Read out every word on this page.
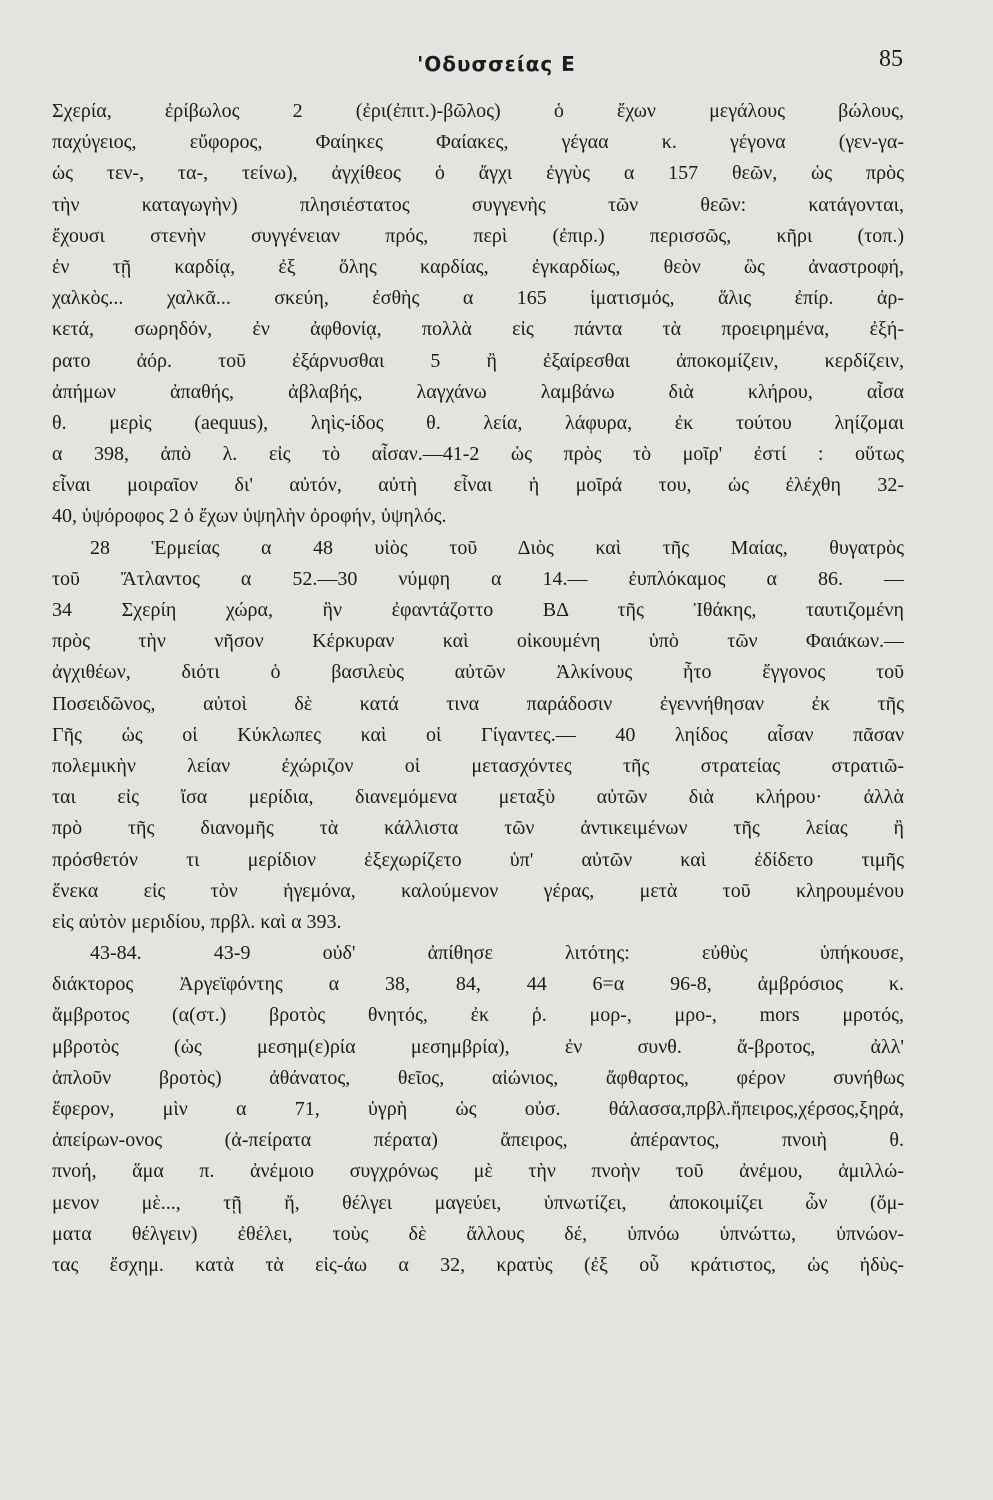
'Οδυσσείας Ε	85
Σχερία, ἐρίβωλος 2 (ἐρι(ἐπιτ.)-βῶλος) ὁ ἔχων μεγάλους βώλους,
παχύγειος, εὔφορος, Φαίηκες Φαίακες, γέγαα κ. γέγονα (γεν-γα-
ὡς τεν-, τα-, τείνω), ἀγχίθεος ὁ ἄγχι ἐγγὺς α 157 θεῶν, ὡς πρὸς
τὴν καταγωγὴν) πλησιέστατος συγγενὴς τῶν θεῶν: κατάγονται,
ἔχουσι στενὴν συγγένειαν πρός, περὶ (ἐπιρ.) περισσῶς, κῆρι (τοπ.)
ἐν τῇ καρδίᾳ, ἐξ ὅλης καρδίας, ἐγκαρδίως, θεὸν ὣς ἀναστροφή,
χαλκὸς... χαλκᾶ... σκεύη, ἐσθὴς α 165 ἱματισμός, ἅλις ἐπίρ. ἀρ-
κετά, σωρηδόν, ἐν ἀφθονίᾳ, πολλὰ εἰς πάντα τὰ προειρημένα, ἐξή-
ρατο ἀόρ. τοῦ ἐξάρνυσθαι 5 ἢ ἐξαίρεσθαι ἀποκομίζειν, κερδίζειν,
ἀπήμων ἀπαθής, ἀβλαβής, λαγχάνω λαμβάνω διὰ κλήρου, αἶσα
θ. μερὶς (aequus), ληὶς-ίδος θ. λεία, λάφυρα, ἐκ τούτου ληίζομαι
α 398, ἀπὸ λ. εἰς τὸ αἶσαν.—41-2 ὡς πρὸς τὸ μοῖρ' ἐστί : οὕτως
εἶναι μοιραῖον δι' αὐτόν, αὐτὴ εἶναι ἡ μοῖρά του, ὡς ἐλέχθη 32-
40, ὑψόροφος 2 ὁ ἔχων ὑψηλὴν ὀροφήν, ὑψηλός.
28 Ἑρμείας α 48 υἱὸς τοῦ Διὸς καὶ τῆς Μαίας, θυγατρὸς
τοῦ Ἄτλαντος α 52.—30 νύμφη α 14.— ἐυπλόκαμος α 86. —
34 Σχερίη χώρα, ἣν ἐφαντάζοττο ΒΔ τῆς Ἰθάκης, ταυτιζομένη
πρὸς τὴν νῆσον Κέρκυραν καὶ οἰκουμένη ὑπὸ τῶν Φαιάκων.—
ἀγχιθέων, διότι ὁ βασιλεὺς αὐτῶν Ἀλκίνους ἦτο ἔγγονος τοῦ
Ποσειδῶνος, αὐτοὶ δὲ κατά τινα παράδοσιν ἐγεννήθησαν ἐκ τῆς
Γῆς ὡς οἱ Κύκλωπες καὶ οἱ Γίγαντες.— 40 ληίδος αἶσαν πᾶσαν
πολεμικὴν λείαν ἐχώριζον οἱ μετασχόντες τῆς στρατείας στρατιῶ-
ται εἰς ἴσα μερίδια, διανεμόμενα μεταξὺ αὐτῶν διὰ κλήρου· ἀλλὰ
πρὸ τῆς διανομῆς τὰ κάλλιστα τῶν ἀντικειμένων τῆς λείας ἢ
πρόσθετόν τι μερίδιον ἐξεχωρίζετο ὑπ' αὐτῶν καὶ ἐδίδετο τιμῆς
ἕνεκα εἰς τὸν ἡγεμόνα, καλούμενον γέρας, μετὰ τοῦ κληρουμένου
εἰς αὐτὸν μεριδίου, πρβλ. καὶ α 393.
43-84. 43-9 οὐδ' ἀπίθησε λιτότης: εὐθὺς ὑπήκουσε,
διάκτορος Ἀργεϊφόντης α 38, 84, 44 6=α 96-8, ἀμβρόσιος κ.
ἄμβροτος (α(στ.) βροτὸς θνητός, ἐκ ῥ. μορ-, μρο-, mors μροτός,
μβροτὸς (ὡς μεσημ(ε)ρία μεσημβρία), ἐν συνθ. ἄ-βροτος, ἀλλ'
ἁπλοῦν βροτὸς) ἀθάνατος, θεῖος, αἰώνιος, ἄφθαρτος, φέρον συνήθως
ἔφερον, μὶν α 71, ὑγρὴ ὡς οὐσ. θάλασσα,πρβλ.ἤπειρος,χέρσος,ξηρά,
ἀπείρων-ονος (ἀ-πείρατα πέρατα) ἄπειρος, ἀπέραντος, πνοιὴ θ.
πνοή, ἅμα π. ἀνέμοιο συγχρόνως μὲ τὴν πνοὴν τοῦ ἀνέμου, ἁμιλλώ-
μενον μὲ..., τῇ ἤ, θέλγει μαγεύει, ὑπνωτίζει, ἀποκοιμίζει ὧν (ὄμ-
ματα θέλγειν) ἐθέλει, τοὺς δὲ ἄλλους δέ, ὑπνόω ὑπνώττω, ὑπνώον-
τας ἔσχημ. κατὰ τὰ εἰς-άω α 32, κρατὺς (ἐξ οὗ κράτιστος, ὡς ἡδὺς-
